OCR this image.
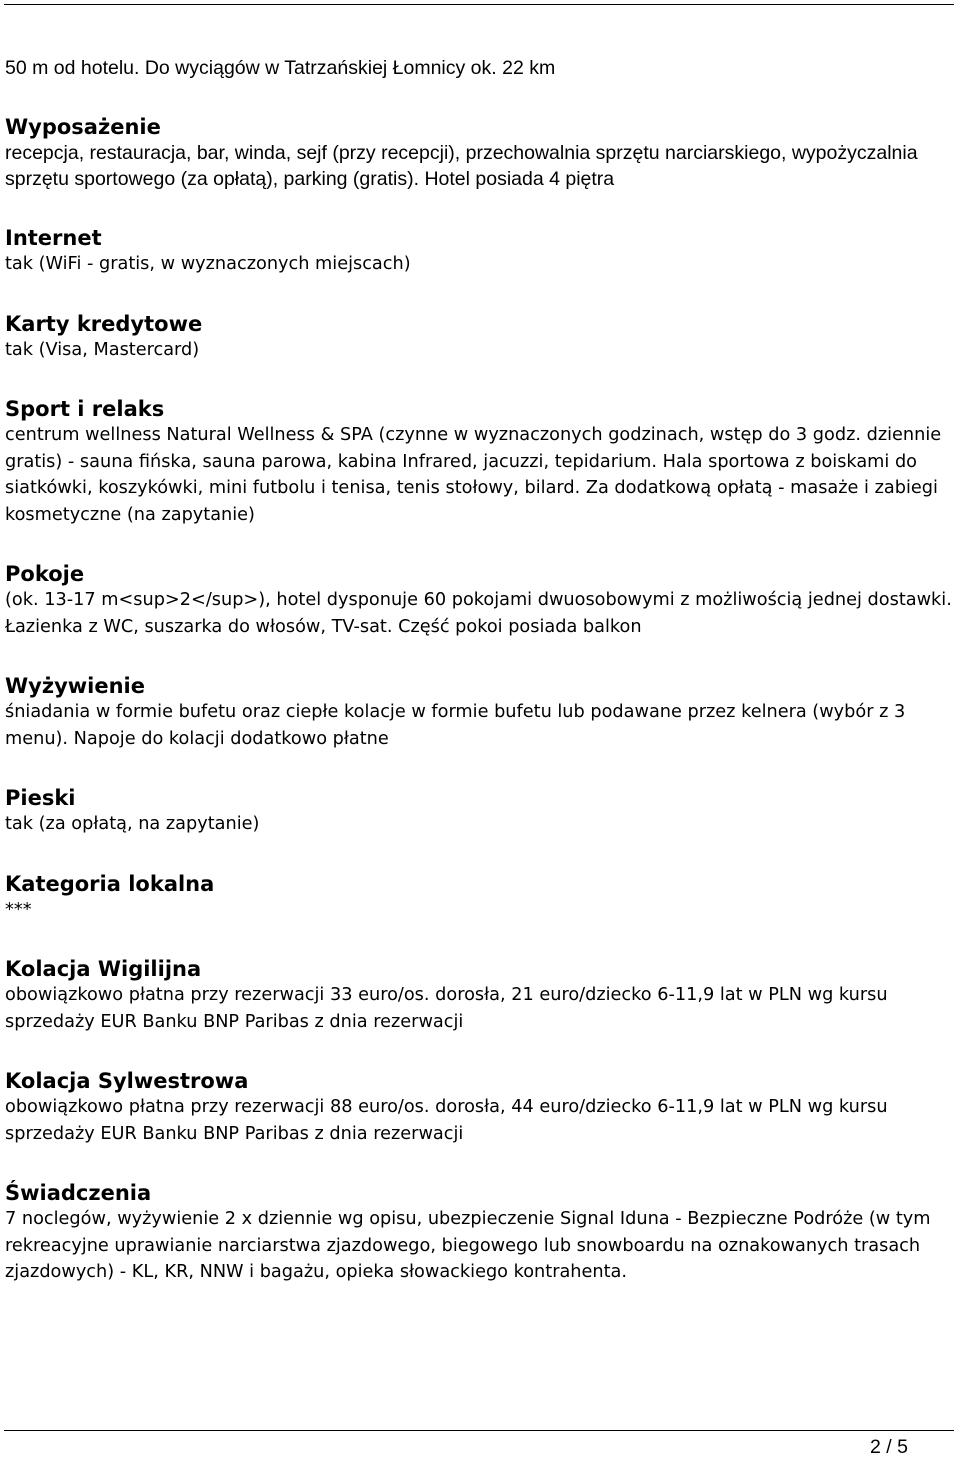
50 m od hotelu. Do wyciągów w Tatrzańskiej Łomnicy ok. 22 km

Wyposażenie

recepcja, restauracja, bar, winda, sejf (przy recepcji), przechowalnia sprzętu narciarskiego, wypożyczalnia sprzętu sportowego (za opłatą), parking (gratis). Hotel posiada 4 piętra

Internet

tak (WiFi - gratis, w wyznaczonych miejscach)

Karty kredytowe

tak (Visa, Mastercard)

Sport i relaks

centrum wellness Natural Wellness & SPA (czynne w wyznaczonych godzinach, wstęp do 3 godz. dziennie gratis) - sauna fińska, sauna parowa, kabina Infrared, jacuzzi, tepidarium. Hala sportowa z boiskami do siatkówki, koszykówki, mini futbolu i tenisa, tenis stołowy, bilard. Za dodatkową opłatą - masaże i zabiegi kosmetyczne (na zapytanie)

Pokoje

(ok. 13-17 m<sup>2</sup>), hotel dysponuje 60 pokojami dwuosobowymi z możliwością jednej dostawki. Łazienka z WC, suszarka do włosów, TV-sat. Część pokoi posiada balkon

Wyżywienie

śniadania w formie bufetu oraz ciepłe kolacje w formie bufetu lub podawane przez kelnera (wybór z 3 menu). Napoje do kolacji dodatkowo płatne

Pieski

tak (za opłatą, na zapytanie)

Kategoria lokalna

***

Kolacja Wigilijna

obowiązkowo płatna przy rezerwacji 33 euro/os. dorosła, 21 euro/dziecko 6-11,9 lat w PLN wg kursu sprzedaży EUR Banku BNP Paribas z dnia rezerwacji

Kolacja Sylwestrowa

obowiązkowo płatna przy rezerwacji 88 euro/os. dorosła, 44 euro/dziecko 6-11,9 lat w PLN wg kursu sprzedaży EUR Banku BNP Paribas z dnia rezerwacji

Świadczenia

7 noclegów, wyżywienie 2 x dziennie wg opisu, ubezpieczenie Signal Iduna - Bezpieczne Podróże (w tym rekreacyjne uprawianie narciarstwa zjazdowego, biegowego lub snowboardu na oznakowanych trasach zjazdowych) - KL, KR, NNW i bagażu, opieka słowackiego kontrahenta.

2 / 5
